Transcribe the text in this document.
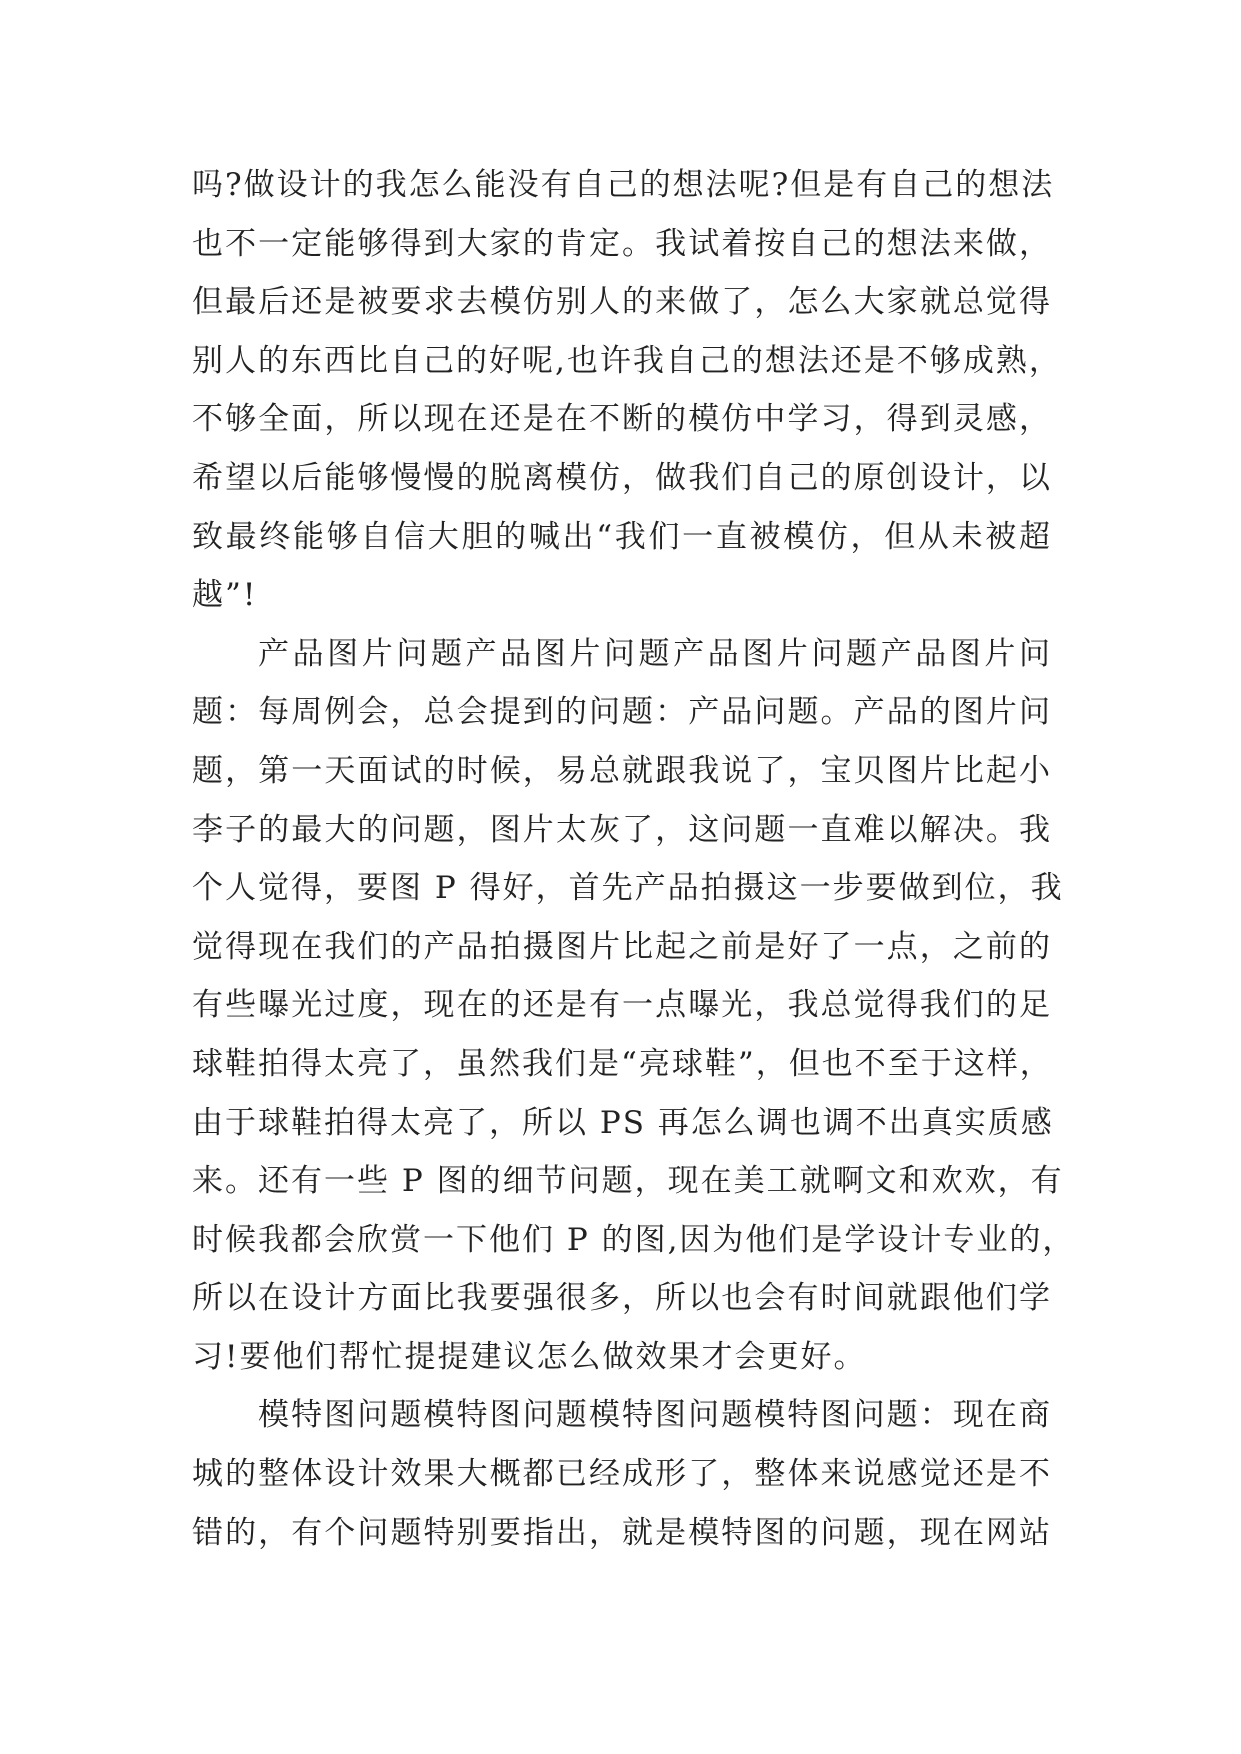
吗?做设计的我怎么能没有自己的想法呢?但是有自己的想法
也不一定能够得到大家的肯定。我试着按自己的想法来做，
但最后还是被要求去模仿别人的来做了，怎么大家就总觉得
别人的东西比自己的好呢,也许我自己的想法还是不够成熟，
不够全面，所以现在还是在不断的模仿中学习，得到灵感，
希望以后能够慢慢的脱离模仿，做我们自己的原创设计，以
致最终能够自信大胆的喊出“我们一直被模仿，但从未被超
越”!
产品图片问题产品图片问题产品图片问题产品图片问
题：每周例会，总会提到的问题：产品问题。产品的图片问
题，第一天面试的时候，易总就跟我说了，宝贝图片比起小
李子的最大的问题，图片太灰了，这问题一直难以解决。我
个人觉得，要图 P 得好，首先产品拍摄这一步要做到位，我
觉得现在我们的产品拍摄图片比起之前是好了一点，之前的
有些曝光过度，现在的还是有一点曝光，我总觉得我们的足
球鞋拍得太亮了，虽然我们是“亮球鞋”，但也不至于这样，
由于球鞋拍得太亮了，所以 PS 再怎么调也调不出真实质感
来。还有一些 P 图的细节问题，现在美工就啊文和欢欢，有
时候我都会欣赏一下他们 P 的图,因为他们是学设计专业的，
所以在设计方面比我要强很多，所以也会有时间就跟他们学
习!要他们帮忙提提建议怎么做效果才会更好。
模特图问题模特图问题模特图问题模特图问题：现在商
城的整体设计效果大概都已经成形了，整体来说感觉还是不
错的，有个问题特别要指出，就是模特图的问题，现在网站
